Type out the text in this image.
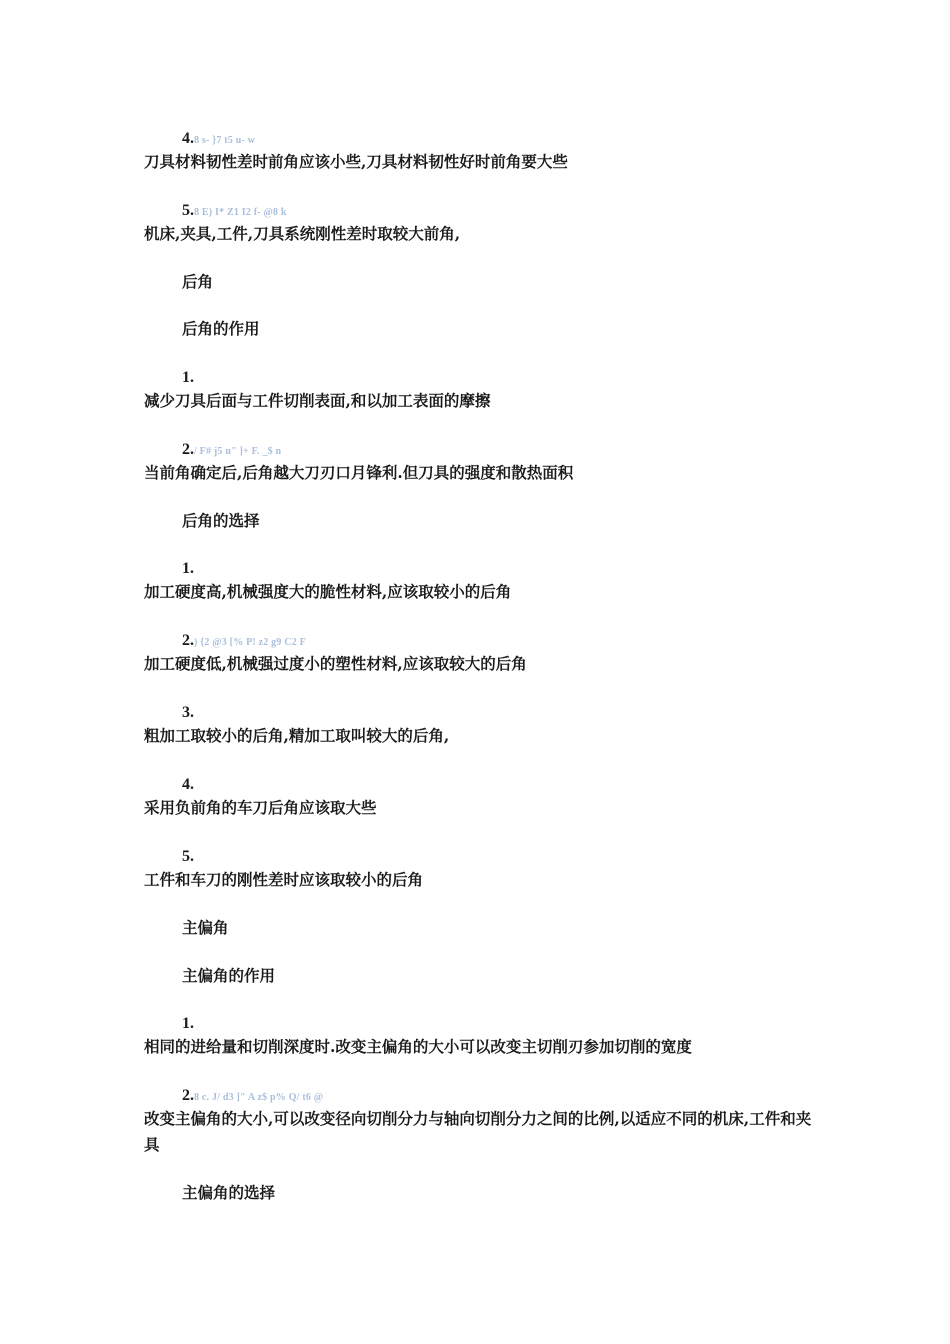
4.8 s- }7 t5 u- w
刀具材料韧性差时前角应该小些,刀具材料韧性好时前角要大些
5.8 E) I* Z1 I2 f- @8 k
机床,夹具,工件,刀具系统刚性差时取较大前角,
后角
后角的作用
1.
减少刀具后面与工件切削表面,和以加工表面的摩擦
2./ F# j5 u" ]+ F. _$ n
当前角确定后,后角越大刀刃口月锋利.但刀具的强度和散热面积
后角的选择
1.
加工硬度高,机械强度大的脆性材料,应该取较小的后角
2.) {2 @3 [% P! z2 g9 C2 F
加工硬度低,机械强过度小的塑性材料,应该取较大的后角
3.
粗加工取较小的后角,精加工取叫较大的后角,
4.
采用负前角的车刀后角应该取大些
5.
工件和车刀的刚性差时应该取较小的后角
主偏角
主偏角的作用
1.
相同的进给量和切削深度时.改变主偏角的大小可以改变主切削刃参加切削的宽度
2.8 c. J/ d3 ]" A z$ p% Q/ t6 @
改变主偏角的大小,可以改变径向切削分力与轴向切削分力之间的比例,以适应不同的机床,工件和夹具
主偏角的选择
